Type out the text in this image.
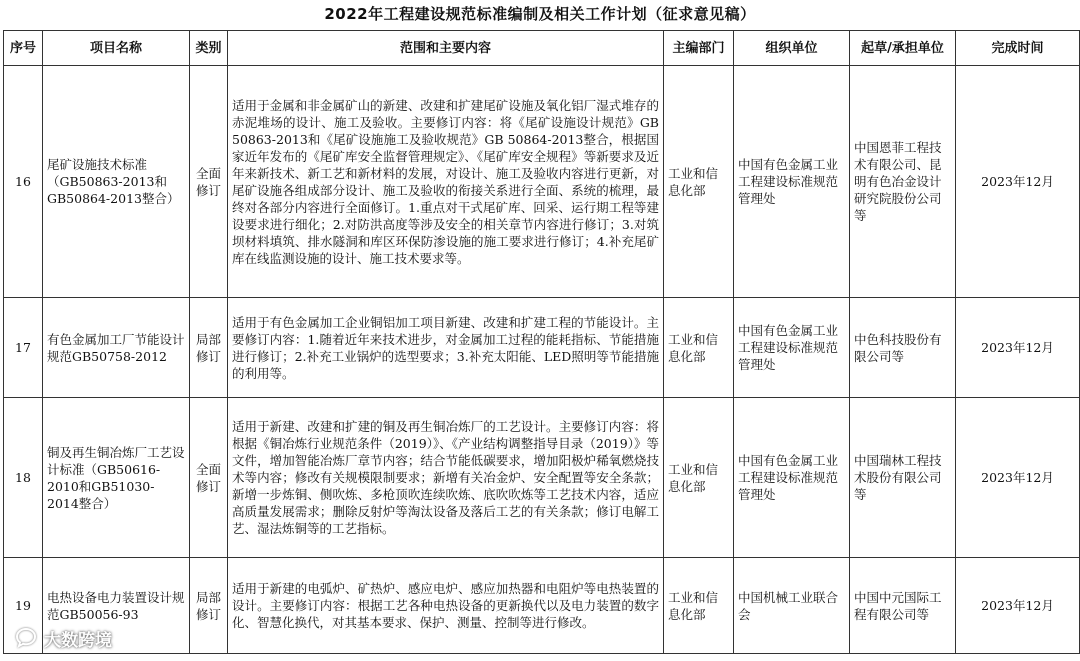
2022年工程建设规范标准编制及相关工作计划（征求意见稿）
序号	项目名称	类别	范围和主要内容	主编部门	组织单位	起草/承担单位	完成时间
16	尾矿设施技术标准（GB50863-2013和GB50864-2013整合）	全面修订	适用于金属和非金属矿山的新建、改建和扩建尾矿设施及氧化铝厂湿式堆存的赤泥堆场的设计、施工及验收。主要修订内容：将《尾矿设施设计规范》GB 50863-2013和《尾矿设施施工及验收规范》GB 50864-2013整合，根据国家近年发布的《尾矿库安全监督管理规定》、《尾矿库安全规程》等新要求及近年来新技术、新工艺和新材料的发展，对设计、施工及验收内容进行更新，对尾矿设施各组成部分设计、施工及验收的衔接关系进行全面、系统的梳理，最终对各部分内容进行全面修订。1.重点对干式尾矿库、回采、运行期工程等建设要求进行细化；2.对防洪高度等涉及安全的相关章节内容进行修订；3.对筑坝材料填筑、排水隧洞和库区环保防渗设施的施工要求进行修订；4.补充尾矿库在线监测设施的设计、施工技术要求等。	工业和信息化部	中国有色金属工业工程建设标准规范管理处	中国恩菲工程技术有限公司、昆明有色冶金设计研究院股份公司等	2023年12月
17	有色金属加工厂节能设计规范GB50758-2012	局部修订	适用于有色金属加工企业铜铝加工项目新建、改建和扩建工程的节能设计。主要修订内容：1.随着近年来技术进步，对金属加工过程的能耗指标、节能措施进行修订；2.补充工业锅炉的选型要求；3.补充太阳能、LED照明等节能措施的利用等。	工业和信息化部	中国有色金属工业工程建设标准规范管理处	中色科技股份有限公司等	2023年12月
18	铜及再生铜冶炼厂工艺设计标准（GB50616-2010和GB51030-2014整合）	全面修订	适用于新建、改建和扩建的铜及再生铜冶炼厂的工艺设计。主要修订内容：将根据《铜冶炼行业规范条件（2019）》、《产业结构调整指导目录（2019）》等文件，增加智能冶炼厂章节内容；结合节能低碳要求，增加阳极炉稀氧燃烧技术等内容；修改有关规模限制要求；新增有关冶金炉、安全配置等安全条款；新增一步炼铜、侧吹炼、多枪顶吹连续吹炼、底吹吹炼等工艺技术内容，适应高质量发展需求；删除反射炉等淘汰设备及落后工艺的有关条款；修订电解工艺、湿法炼铜等的工艺指标。	工业和信息化部	中国有色金属工业工程建设标准规范管理处	中国瑞林工程技术股份有限公司等	2023年12月
19	电热设备电力装置设计规范GB50056-93	局部修订	适用于新建的电弧炉、矿热炉、感应电炉、感应加热器和电阻炉等电热装置的设计。主要修订内容：根据工艺各种电热设备的更新换代以及电力装置的数字化、智慧化换代，对其基本要求、保护、测量、控制等进行修改。	工业和信息化部	中国机械工业联合会	中国中元国际工程有限公司等	2023年12月
大数跨境
